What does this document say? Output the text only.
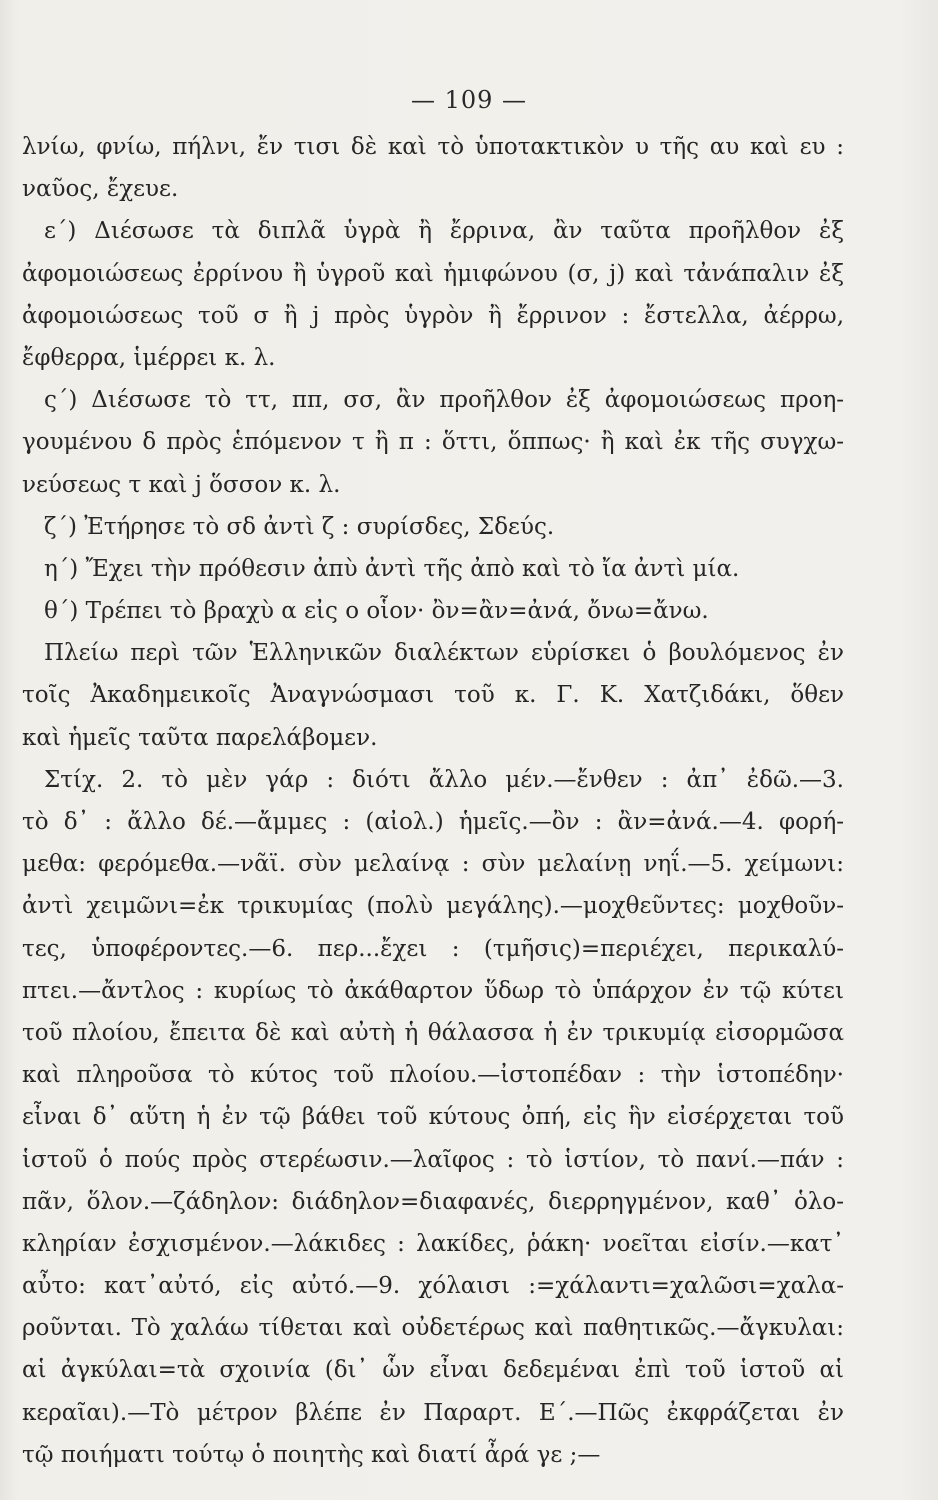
— 109 —
λνίω, φνίω, πήλνι, ἔν τισι δὲ καὶ τὸ ὑποτακτικὸν υ τῆς αυ καὶ ευ :
ναῦος, ἔχευε.
ε΄) Διέσωσε τὰ διπλᾶ ὑγρὰ ἢ ἔρρινα, ἂν ταῦτα προῆλθον ἐξ
ἀφομοιώσεως ἐρρίνου ἢ ὑγροῦ καὶ ἡμιφώνου (σ, j) καὶ τἀνάπαλιν ἐξ
ἀφομοιώσεως τοῦ σ ἢ j πρὸς ὑγρὸν ἢ ἔρρινον : ἔστελλα, ἀέρρω,
ἔφθερρα, ἱμέρρει κ. λ.
ς΄) Διέσωσε τὸ ττ, ππ, σσ, ἂν προῆλθον ἐξ ἀφομοιώσεως προη-
γουμένου δ πρὸς ἑπόμενον τ ἢ π : ὅττι, ὅππως· ἢ καὶ ἐκ τῆς συγχω-
νεύσεως τ καὶ j ὅσσον κ. λ.
ζ΄) Ἐτήρησε τὸ σδ ἀντὶ ζ : συρίσδες, Σδεύς.
η΄) Ἔχει τὴν πρόθεσιν ἀπὺ ἀντὶ τῆς ἀπὸ καὶ τὸ ἴα ἀντὶ μία.
θ΄) Τρέπει τὸ βραχὺ α εἰς ο οἷον· ὂν=ἂν=ἀνά, ὄνω=ἄνω.
Πλείω περὶ τῶν Ἑλληνικῶν διαλέκτων εὑρίσκει ὁ βουλόμενος ἐν
τοῖς Ἀκαδημεικοῖς Ἀναγνώσμασι τοῦ κ. Γ. Κ. Χατζιδάκι, ὅθεν
καὶ ἡμεῖς ταῦτα παρελάβομεν.
Στίχ. 2. τὸ μὲν γάρ : διότι ἄλλο μέν.—ἔνθεν : ἀπ᾽ ἐδῶ.—3.
τὸ δ᾽ : ἄλλο δέ.—ἄμμες : (αἰολ.) ἡμεῖς.—ὂν : ἂν=ἀνά.—4. φορή-
μεθα: φερόμεθα.—νᾶϊ. σὺν μελαίνᾳ : σὺν μελαίνῃ νηΐ.—5. χείμωνι:
ἀντὶ χειμῶνι=ἐκ τρικυμίας (πολὺ μεγάλης).—μοχθεῦντες: μοχθοῦν-
τες, ὑποφέροντες.—6. περ...ἔχει : (τμῆσις)=περιέχει, περικαλύ-
πτει.—ἄντλος : κυρίως τὸ ἀκάθαρτον ὕδωρ τὸ ὑπάρχον ἐν τῷ κύτει
τοῦ πλοίου, ἔπειτα δὲ καὶ αὐτὴ ἡ θάλασσα ἡ ἐν τρικυμίᾳ εἰσορμῶσα
καὶ πληροῦσα τὸ κύτος τοῦ πλοίου.—ἰστοπέδαν : τὴν ἱστοπέδην·
εἶναι δ᾽ αὕτη ἡ ἐν τῷ βάθει τοῦ κύτους ὀπή, εἰς ἣν εἰσέρχεται τοῦ
ἱστοῦ ὁ πούς πρὸς στερέωσιν.—λαῖφος : τὸ ἱστίον, τὸ πανί.—πάν :
πᾶν, ὅλον.—ζάδηλον: διάδηλον=διαφανές, διερρηγμένον, καθ᾽ ὁλο-
κληρίαν ἐσχισμένον.—λάκιδες : λακίδες, ῥάκη· νοεῖται εἰσίν.—κατ᾽
αὖτο: κατ᾽αὐτό, εἰς αὐτό.—9. χόλαισι :=χάλαντι=χαλῶσι=χαλα-
ροῦνται. Τὸ χαλάω τίθεται καὶ οὐδετέρως καὶ παθητικῶς.—ἄγκυλαι:
αἱ ἀγκύλαι=τὰ σχοινία (δι᾽ ὧν εἶναι δεδεμέναι ἐπὶ τοῦ ἱστοῦ αἱ
κεραῖαι).—Τὸ μέτρον βλέπε ἐν Παραρτ. Ε΄.—Πῶς ἐκφράζεται ἐν
τῷ ποιήματι τούτῳ ὁ ποιητὴς καὶ διατί ἆρά γε ;—
